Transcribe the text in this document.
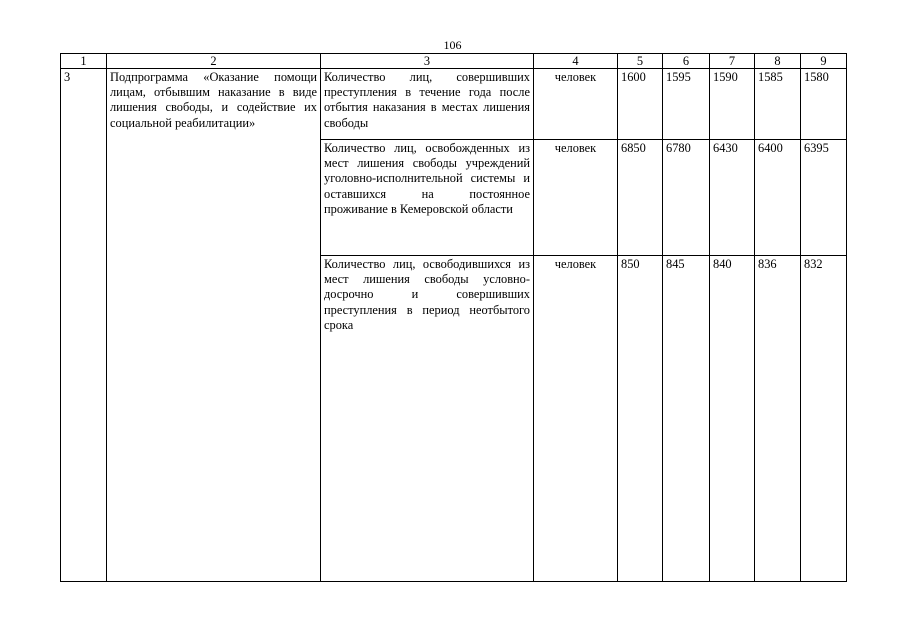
106
1	2	3	4	5	6	7	8	9
3	Подпрограмма «Оказание помощи лицам, отбывшим наказание в виде лишения свободы, и содействие их социальной реабилитации»	Количество лиц, совершивших преступления в течение года после отбытия наказания в местах лишения свободы	человек	1600	1595	1590	1585	1580
		Количество лиц, освобожденных из мест лишения свободы учреждений уголовно-исполнительной системы и оставшихся на постоянное проживание в Кемеровской области	человек	6850	6780	6430	6400	6395
		Количество лиц, освободившихся из мест лишения свободы условно-досрочно и совершивших преступления в период неотбытого срока	человек	850	845	840	836	832
